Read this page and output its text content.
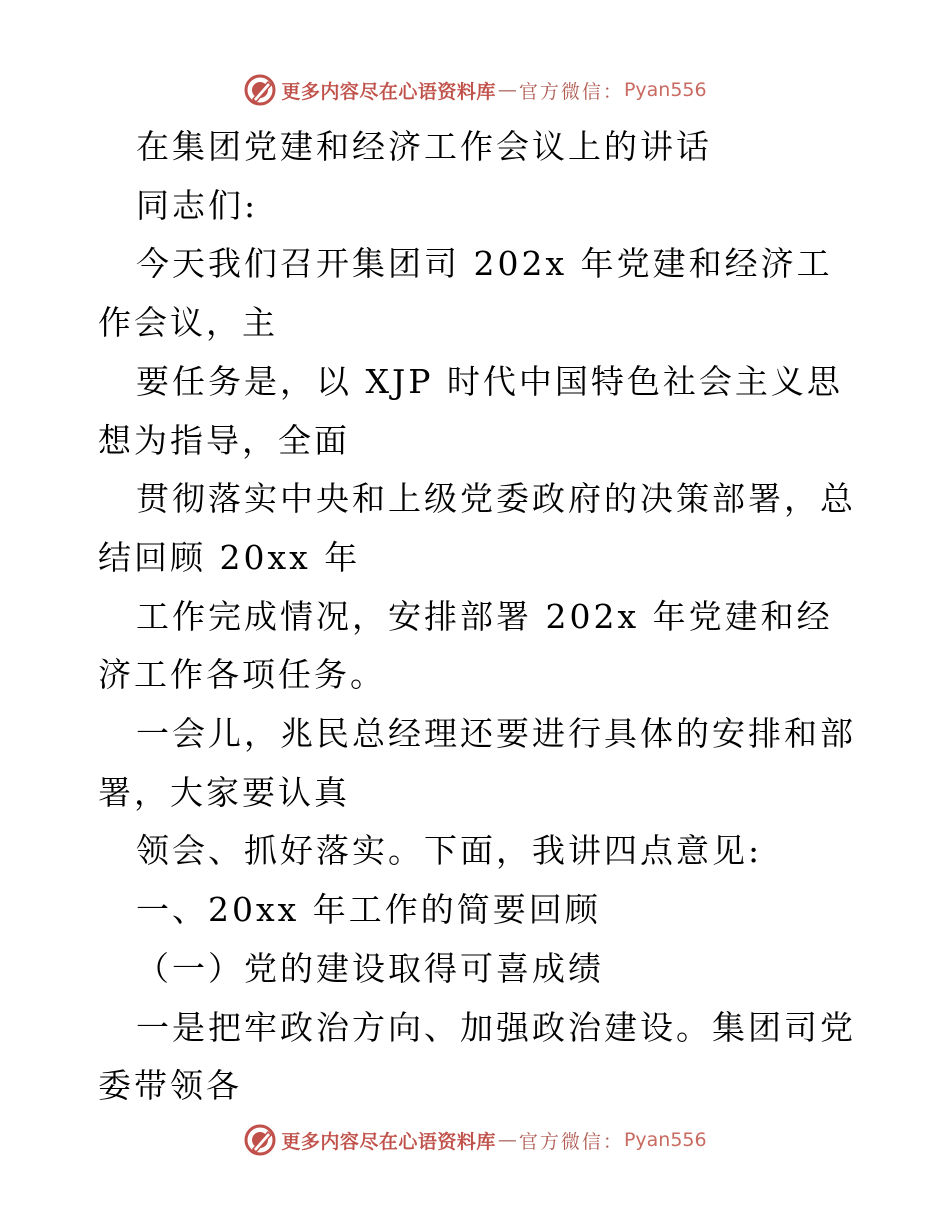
更多内容尽在心语资料库 — 官方微信： Pyan556

在集团党建和经济工作会议上的讲话

同志们:

今天我们召开集团司 202x 年党建和经济工作会议，主

要任务是，以 XJP 时代中国特色社会主义思想为指导，全面

贯彻落实中央和上级党委政府的决策部署，总结回顾 20xx 年

工作完成情况，安排部署 202x 年党建和经济工作各项任务。

一会儿，兆民总经理还要进行具体的安排和部署，大家要认真

领会、抓好落实。下面，我讲四点意见:

一、20xx 年工作的简要回顾

（一）党的建设取得可喜成绩

一是把牢政治方向、加强政治建设。集团司党委带领各

更多内容尽在心语资料库 — 官方微信： Pyan556
